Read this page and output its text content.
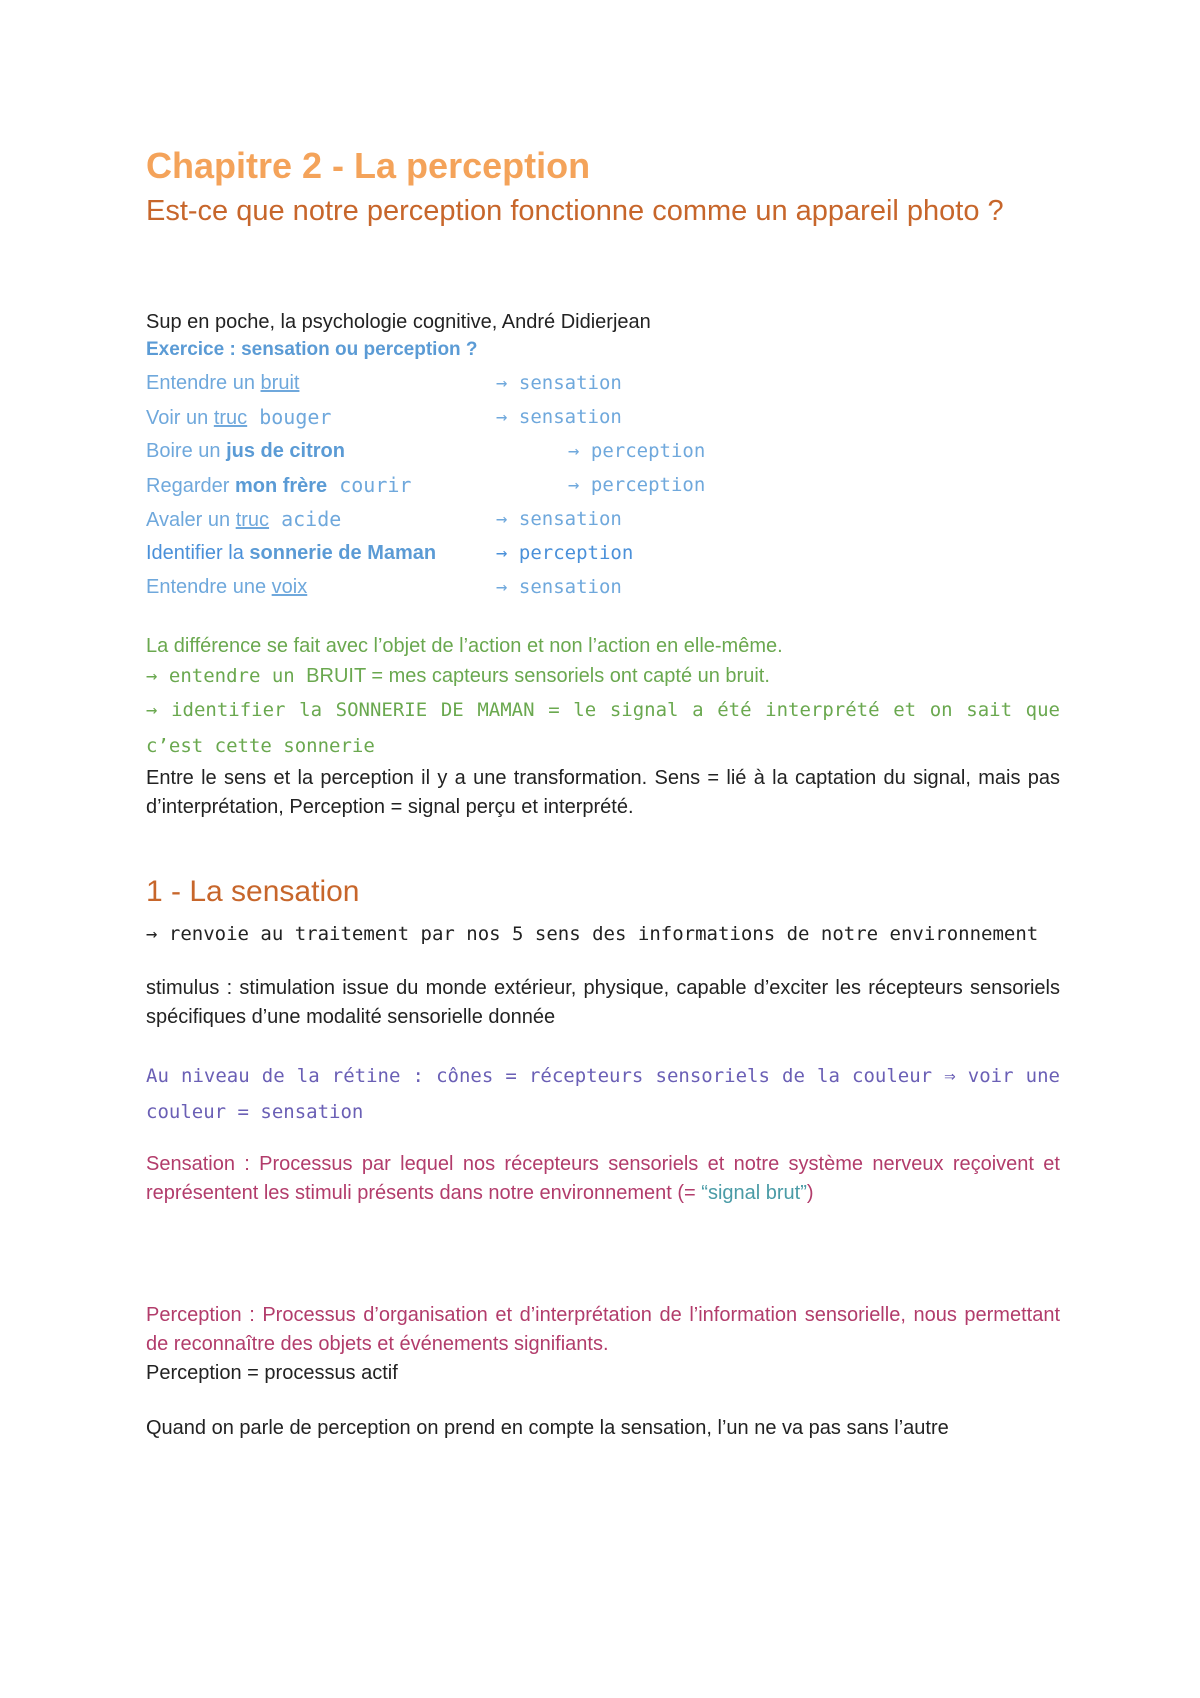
Chapitre 2 - La perception
Est-ce que notre perception fonctionne comme un appareil photo ?
Sup en poche, la psychologie cognitive, André Didierjean
Exercice : sensation ou perception ?
Entendre un bruit	→ sensation
Voir un truc bouger	→ sensation
Boire un jus de citron	→ perception
Regarder mon frère courir	→ perception
Avaler un truc acide	→ sensation
Identifier la sonnerie de Maman	→ perception
Entendre une voix	→ sensation

La différence se fait avec l’objet de l’action et non l’action en elle-même.

→ entendre un BRUIT = mes capteurs sensoriels ont capté un bruit.

→ identifier la SONNERIE DE MAMAN = le signal a été interprété et on sait que c’est cette sonnerie

Entre le sens et la perception il y a une transformation. Sens = lié à la captation du signal, mais pas d’interprétation, Perception = signal perçu et interprété.

1 - La sensation

→ renvoie au traitement par nos 5 sens des informations de notre environnement

stimulus : stimulation issue du monde extérieur, physique, capable d’exciter les récepteurs sensoriels spécifiques d’une modalité sensorielle donnée

Au niveau de la rétine : cônes = récepteurs sensoriels de la couleur ⇒ voir une couleur = sensation

Sensation : Processus par lequel nos récepteurs sensoriels et notre système nerveux reçoivent et représentent les stimuli présents dans notre environnement (= “signal brut”)

Perception : Processus d’organisation et d’interprétation de l’information sensorielle, nous permettant de reconnaître des objets et événements signifiants.

Perception = processus actif

Quand on parle de perception on prend en compte la sensation, l’un ne va pas sans l’autre
